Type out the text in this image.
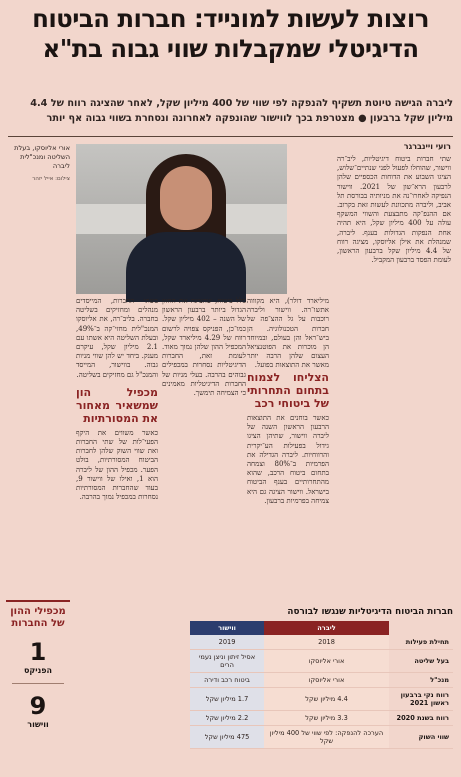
רוצות לעשות למונייד: חברות הביטוח
הדיגיטלי שמקבלות שווי גבוה בת"א

ליברה הגישה טיוטת תשקיף להנפקה לפי שווי של 400 מיליון שקל, לאחר שהציגה רווח של 4.4

מיליון שקל ברבעון ● מצטרפת בכך לווישור שהונפקה לאחרונה ונסחרת בשווי גבוה אף יותר

רועי ויינברגר
שתי חברות ביטוח דיגיטליות, ליב־רה ווישור, שהוחלו לפעול לפני שנתיים־שלוש, הציגו השבוע את הדוחות הכספיים שלהן לרבעון הרא־שון של 2021. ווישור הנפיקה לאחרו־נה את מניותיה בבורסת תל אביב, וליברה מתכוונת לעשות זאת בקרוב. אם ההנפ־קה מתבצעת והשווי המשקף עולה על 400 מיליון שקל, היא תהיה אחת הנפקות הגדולות בענף. ליברה, שמנהלת את אילן אליוסקו, מציגה רווח של 4.4 מיליון שקל ברבעון הראשון, לעומת הפסד ברבעון המקביל.
אורי אליוסקו, בעלת השליטה ומנכ"לית ליברה
צילום: אייל יזהר
מיליארד דולר), היא מקוווה אתשו־רה. ווישור וליברה רוכבות על גל ההצ־פה של חברות הטכנולוגיה. הן ביש־ראל והן בעולם, ובמיוחד הן מוכרות את הפוטנציאל העצום שלהן הרבה יותר מאשר את התוצאות בפועל.
הצליחו לצמוח בתחום התחרותי של ביטוחי רכב
כאשר בוחנים את התוצאות הרבעון הראשון השנה של ליברה ווישור, שתיהן הציגו גידול בפעילות הע־יקרית והרווחיות. ליברה הגדילה את הפרמיות ב־80% וצמחה בתחום ביטוח הרכב, שהוא מהתחרותיים בענף הביטוח בישראל. ווישור הציגה גם היא צמיחה בפרמיות ברבעון.
בשתי החברות, המייסדים מנהלים ומחזיקים בשליטה בחברה. בליב־רה, את אליוסקו המנכ"לית מחזי־קה ב־49%, ובעלת השליטה היא אשתו עם 2.1 מיליון שקל, עיקרם מענק. ביחד יש להן שווי מניות גבוה. בווישור, המייסד והמנכ"ל גם מחזיקים בשליטה.
מכפיל הון שמשאיר מאחור את המסורתיות
כאשר משווים את היקף הפעי־לות של שתי החברות ואת שווי השוק שלהן לחברות הביטוח המסורתיות, בולט הפער. מכפיל ההון של ליברה הוא 1, ואילו של ווישור 9, בעוד שהחברות המסורתיות נסחרות במכפיל נמוך בהרבה.
כלל ביטוח, שהציגה את החזון הגדול ביותר ברבעון הראשון של השנה – 402 מיליון שקל. כמו־כן, הפניקס צפויה לרשום רווח של 4.29 מיליארד שקל, המכפיל ההון שלהן נמוך מאוד. לעומת זאת, החברות הדיגיטליות נסחרות במכפילים גבוהים בהרבה. בעלי מניות של החברות הדיגיטליות מאמינים כי הצמיחה תימשך.
מכפילי ההון של החברות
1
הפניקס
9
ווישור
חברות הביטוח הדיגיטליות שנגשו לבורסה
	ליברה	ווישור
תחילת פעילות	2018	2019
בעל שליטה	אורי אליוסקו	אסיל זיתון וניצן נעמי הרים
מנכ"ל	אורי אליוסקו	ביטוח רכב ודירה
רווח נקי ברבעון ראשון 2021	4.4 מיליון שקל	1.7 מיליון שקל
רווח בשנת 2020	3.3 מיליון שקל	2.2 מיליון שקל
שווי השוק	הערכה להנפקה: לפי שווי של 400 מיליון שקל	475 מיליון שקל
